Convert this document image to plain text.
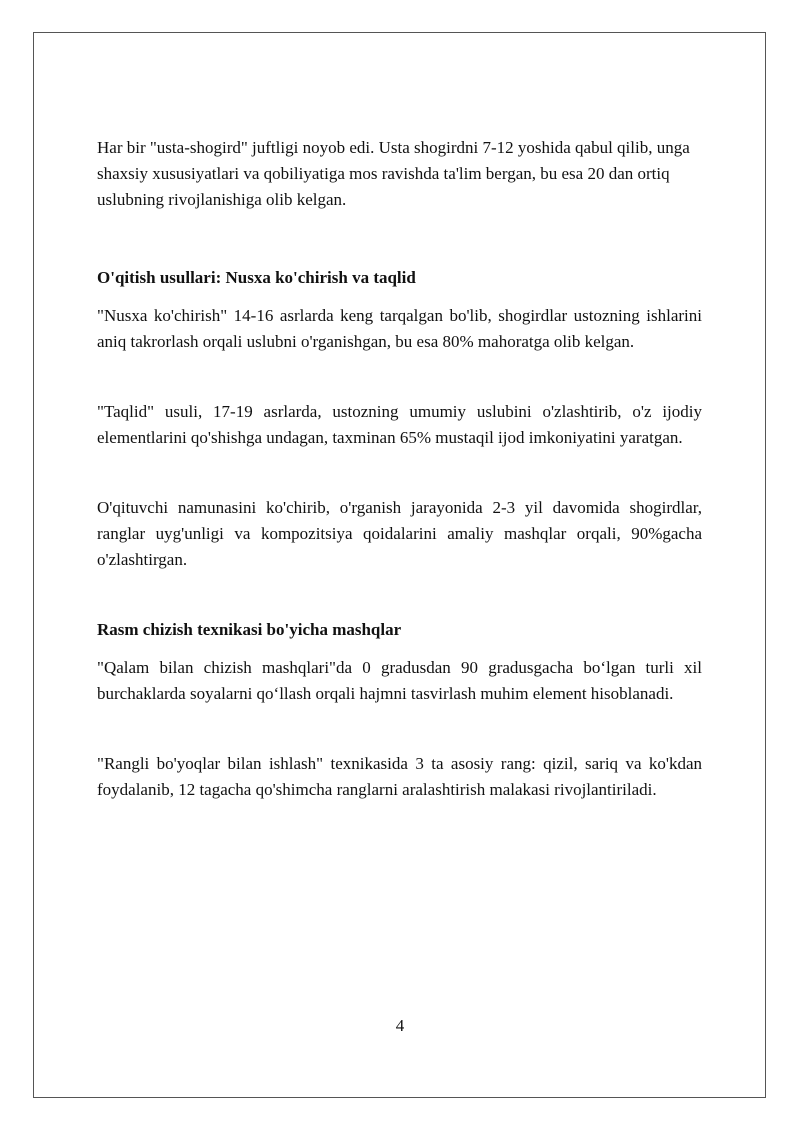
Har bir "usta-shogird" juftligi noyob edi. Usta shogirdni 7-12 yoshida qabul qilib, unga shaxsiy xususiyatlari va qobiliyatiga mos ravishda ta'lim bergan, bu esa 20 dan ortiq uslubning rivojlanishiga olib kelgan.

O'qitish usullari: Nusxa ko'chirish va taqlid

"Nusxa ko'chirish" 14-16 asrlarda keng tarqalgan bo'lib, shogirdlar ustozning ishlarini aniq takrorlash orqali uslubni o'rganishgan, bu esa 80% mahoratga olib kelgan.

"Taqlid" usuli, 17-19 asrlarda, ustozning umumiy uslubini o'zlashtirib, o'z ijodiy elementlarini qo'shishga undagan, taxminan 65% mustaqil ijod imkoniyatini yaratgan.

O'qituvchi namunasini ko'chirib, o'rganish jarayonida 2-3 yil davomida shogirdlar, ranglar uyg'unligi va kompozitsiya qoidalarini amaliy mashqlar orqali, 90%gacha o'zlashtirgan.

Rasm chizish texnikasi bo'yicha mashqlar

"Qalam bilan chizish mashqlari"da 0 gradusdan 90 gradusgacha bo‘lgan turli xil burchaklarda soyalarni qo‘llash orqali hajmni tasvirlash muhim element hisoblanadi.

"Rangli bo'yoqlar bilan ishlash" texnikasida 3 ta asosiy rang: qizil, sariq va ko'kdan foydalanib, 12 tagacha qo'shimcha ranglarni aralashtirish malakasi rivojlantiriladi.

4
